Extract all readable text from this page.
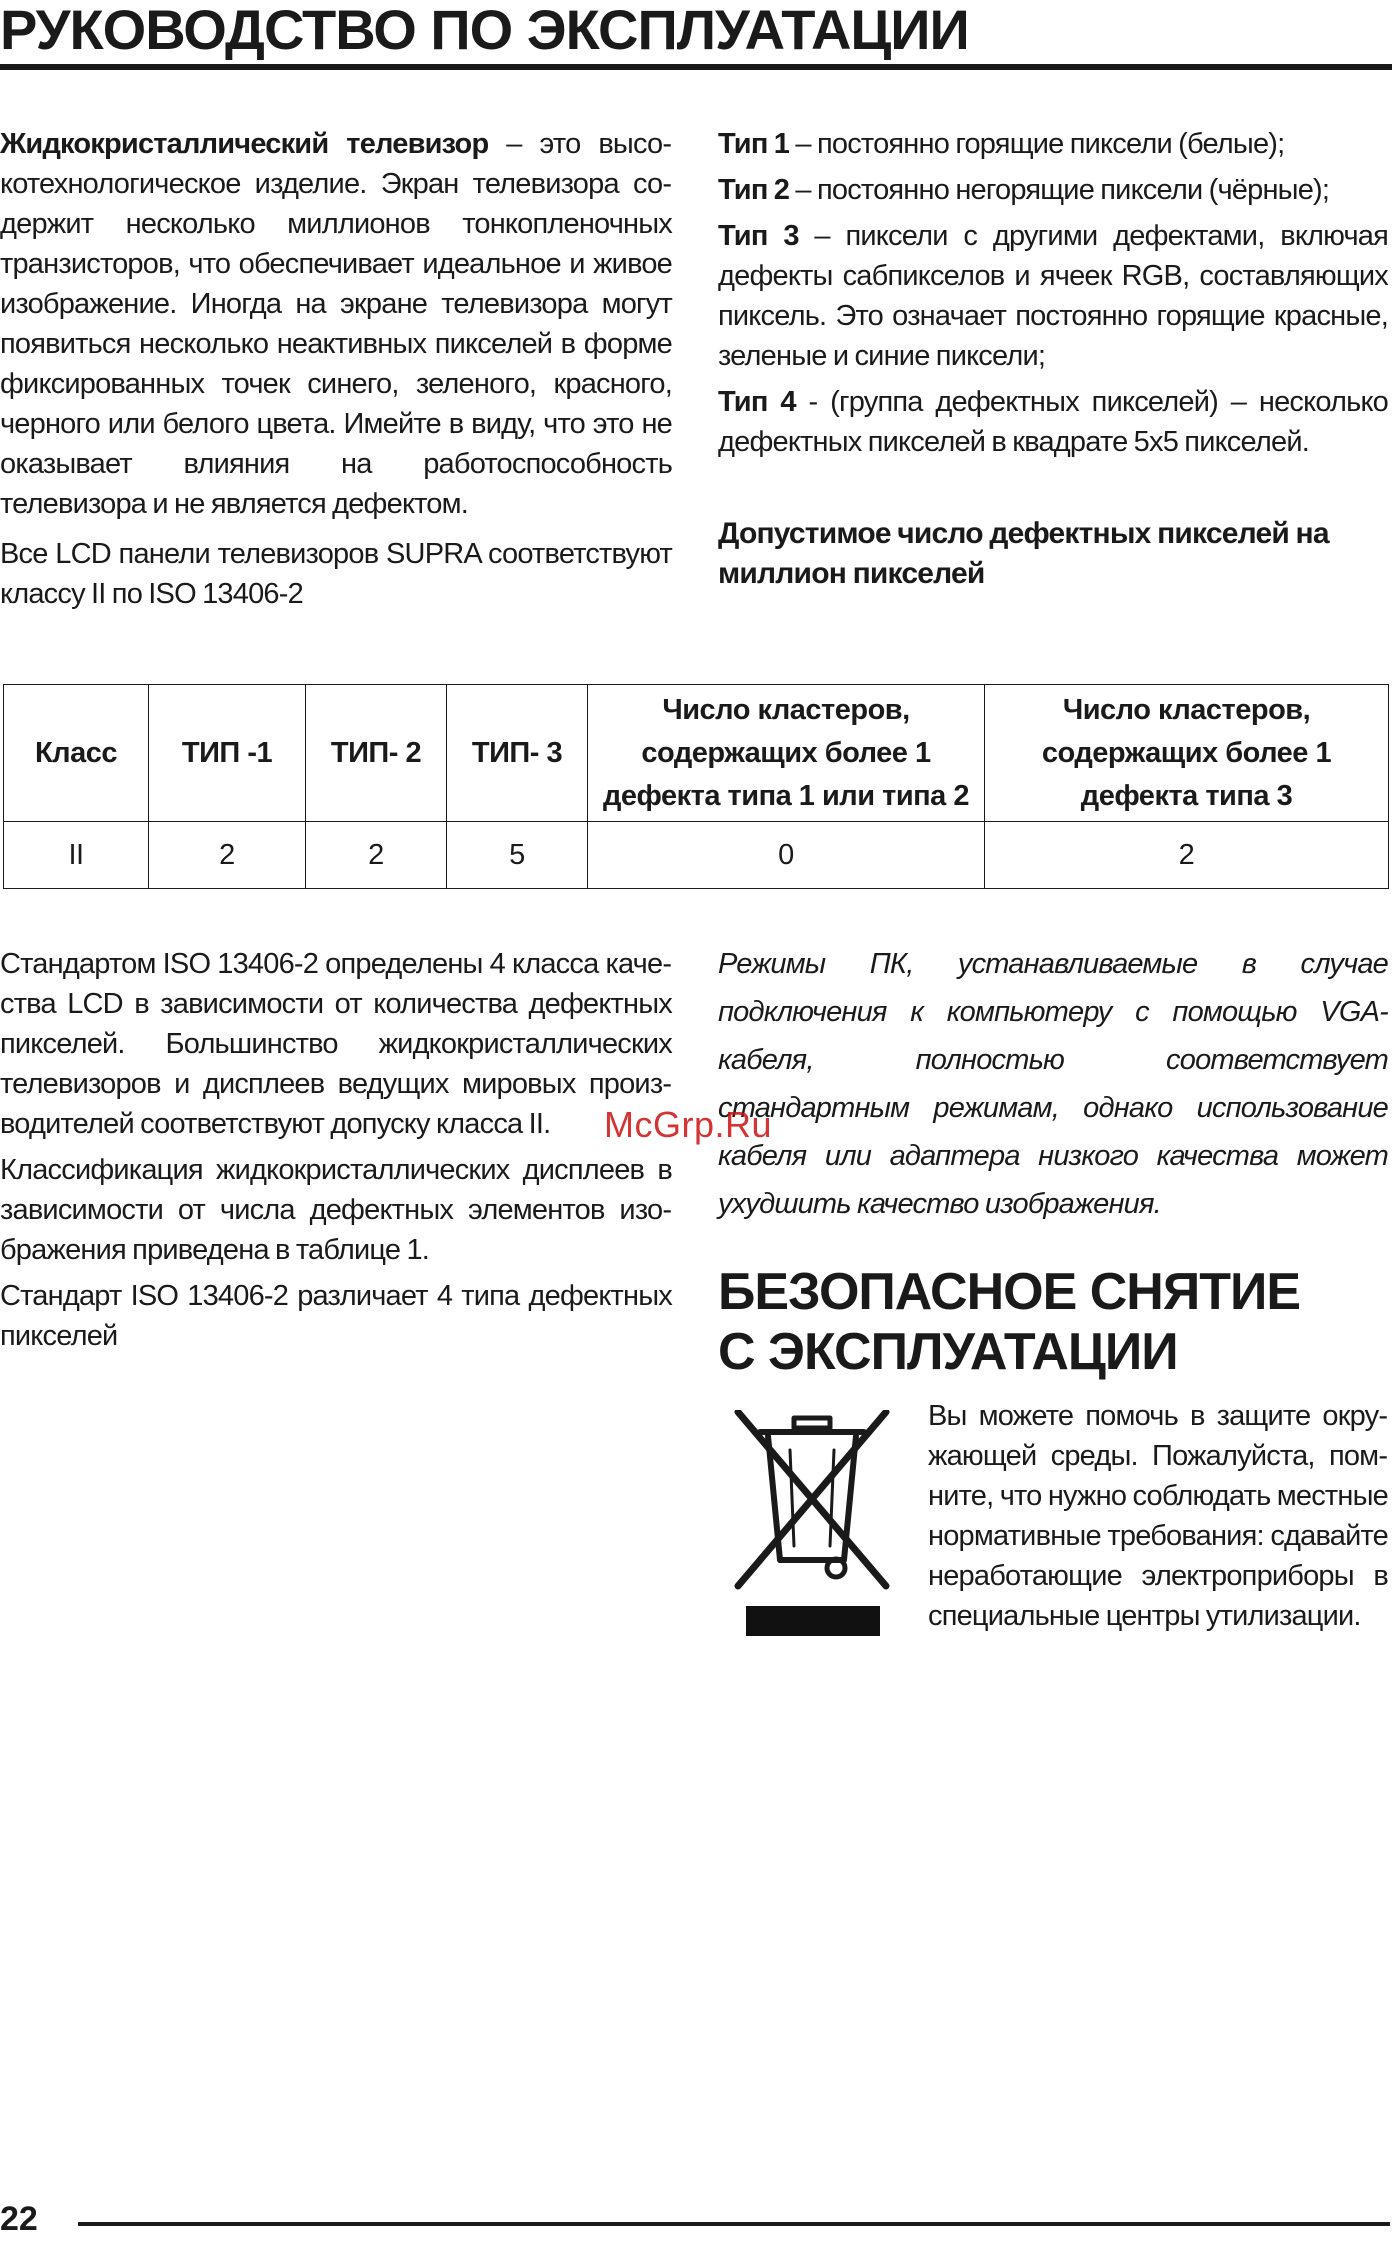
РУКОВОДСТВО ПО ЭКСПЛУАТАЦИИ

Жидкокристаллический телевизор – это высокотехнологическое изделие. Экран телевизора содержит несколько миллионов тонкопленочных транзисторов, что обеспечивает идеальное и живое изображение. Иногда на экране телевизора могут появиться несколько неактивных пикселей в форме фиксированных точек синего, зеленого, красного, черного или белого цвета. Имейте в виду, что это не оказывает влияния на работоспособность телевизора и не является дефектом.

Все LCD панели телевизоров SUPRA соответствуют классу II по ISO 13406-2

Тип 1 – постоянно горящие пиксели (белые);

Тип 2 – постоянно негорящие пиксели (чёрные);

Тип 3 – пиксели с другими дефектами, включая дефекты сабпикселов и ячеек RGB, составляющих пиксель. Это означает постоянно горящие красные, зеленые и синие пиксели;

Тип 4 - (группа дефектных пикселей) – несколько дефектных пикселей в квадрате 5х5 пикселей.

Допустимое число дефектных пикселей на миллион пикселей

Класс	ТИП -1	ТИП- 2	ТИП- 3	Число кластеров, содержащих более 1 дефекта типа 1 или типа 2	Число кластеров, содержащих более 1 дефекта типа 3
II	2	2	5	0	2

Стандартом ISO 13406-2 определены 4 класса качества LCD в зависимости от количества дефектных пикселей. Большинство жидкокристаллических телевизоров и дисплеев ведущих мировых производителей соответствуют допуску класса II.

Классификация жидкокристаллических дисплеев в зависимости от числа дефектных элементов изображения приведена в таблице 1.

Стандарт ISO 13406-2 различает 4 типа дефектных пикселей

Режимы ПК, устанавливаемые в случае подключения к компьютеру с помощью VGA-кабеля, полностью соответствует стандартным режимам, однако использование кабеля или адаптера низкого качества может ухудшить качество изображения.

McGrp.Ru
БЕЗОПАСНОЕ СНЯТИЕ
С ЭКСПЛУАТАЦИИ

Вы можете помочь в защите окружающей среды. Пожалуйста, помните, что нужно соблюдать местные нормативные требования: сдавайте неработающие электроприборы в специальные центры утилизации.

22
